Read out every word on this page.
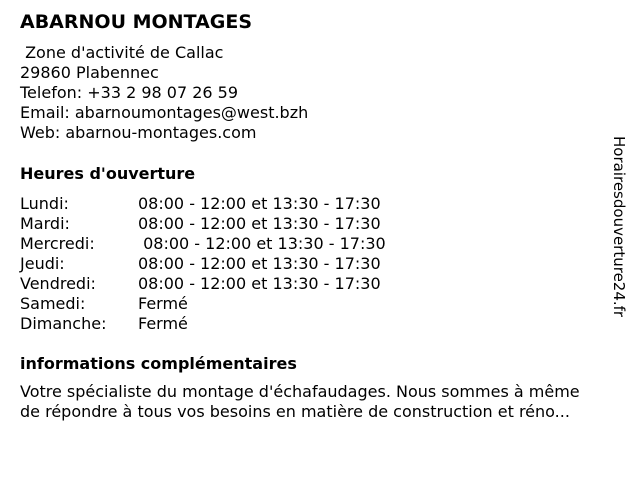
ABARNOU MONTAGES
Zone d'activité de Callac
29860 Plabennec
Telefon: +33 2 98 07 26 59
Email: abarnoumontages@west.bzh
Web: abarnou-montages.com
Heures d'ouverture
Lundi:	08:00 - 12:00 et 13:30 - 17:30
Mardi:	08:00 - 12:00 et 13:30 - 17:30
Mercredi:	08:00 - 12:00 et 13:30 - 17:30
Jeudi:	08:00 - 12:00 et 13:30 - 17:30
Vendredi:	08:00 - 12:00 et 13:30 - 17:30
Samedi:	Fermé
Dimanche:	Fermé
informations complémentaires
Votre spécialiste du montage d'échafaudages. Nous sommes à même
de répondre à tous vos besoins en matière de construction et réno...
Horairesdouverture24.fr
